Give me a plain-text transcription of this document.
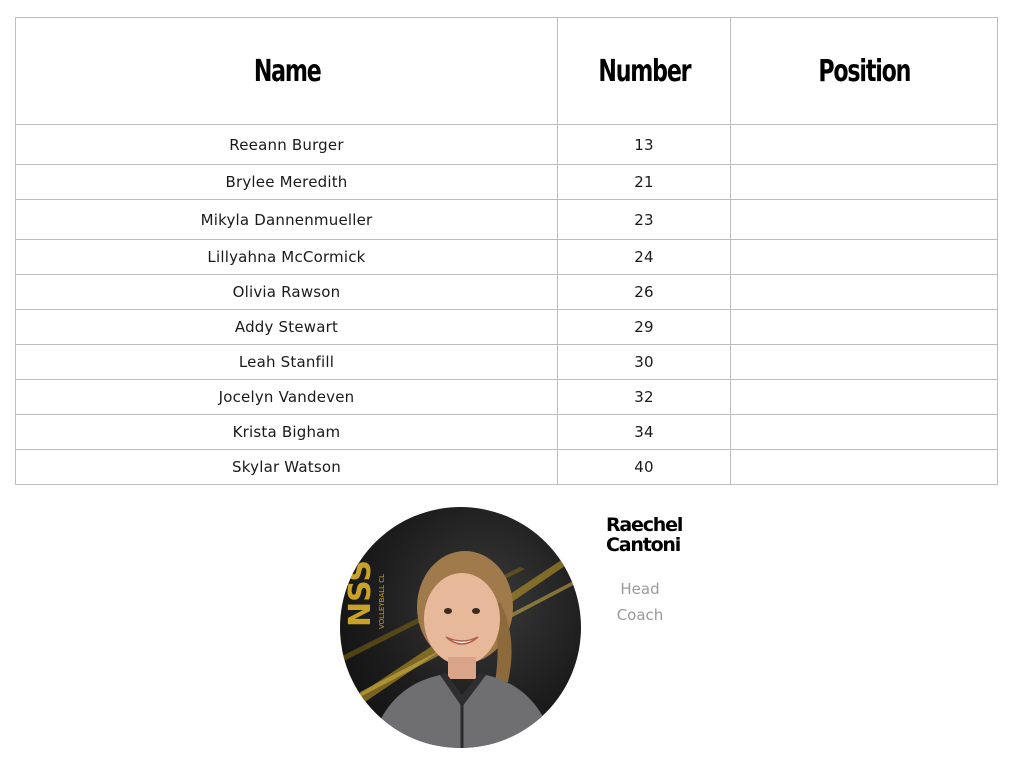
Name	Number	Position
Reeann Burger	13	
Brylee Meredith	21	
Mikyla Dannenmueller	23	
Lillyahna McCormick	24	
Olivia Rawson	26	
Addy Stewart	29	
Leah Stanfill	30	
Jocelyn Vandeven	32	
Krista Bigham	34	
Skylar Watson	40	
NSS VOLLEYBALL CL
Raechel
Cantoni
Head
Coach
